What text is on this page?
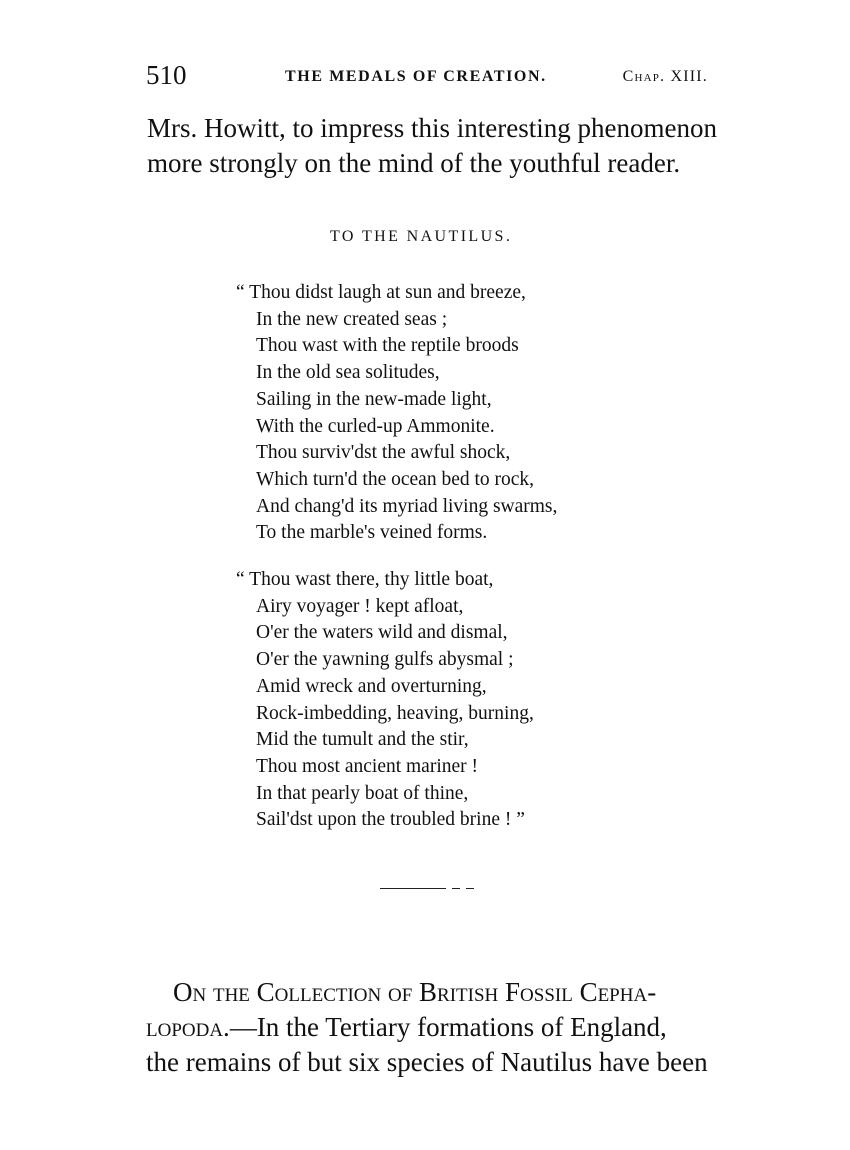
510	THE MEDALS OF CREATION.	Chap. XIII.
Mrs. Howitt, to impress this interesting phenomenon
more strongly on the mind of the youthful reader.
TO THE NAUTILUS.
“ Thou didst laugh at sun and breeze,
In the new created seas ;
Thou wast with the reptile broods
In the old sea solitudes,
Sailing in the new-made light,
With the curled-up Ammonite.
Thou surviv'dst the awful shock,
Which turn'd the ocean bed to rock,
And chang'd its myriad living swarms,
To the marble's veined forms.
“ Thou wast there, thy little boat,
Airy voyager ! kept afloat,
O'er the waters wild and dismal,
O'er the yawning gulfs abysmal ;
Amid wreck and overturning,
Rock-imbedding, heaving, burning,
Mid the tumult and the stir,
Thou most ancient mariner !
In that pearly boat of thine,
Sail'dst upon the troubled brine ! ”
On the Collection of British Fossil Cepha-
lopoda.—In the Tertiary formations of England,
the remains of but six species of Nautilus have been
